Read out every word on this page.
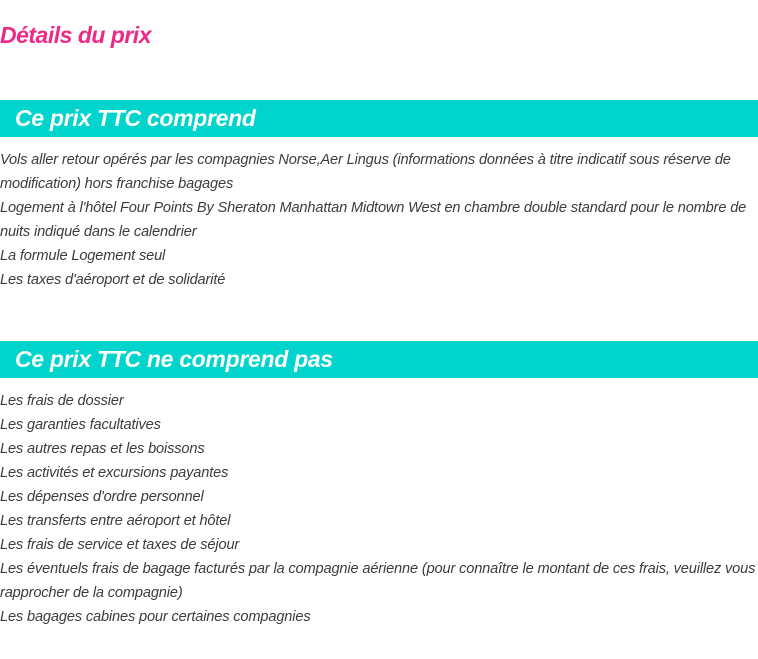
Détails du prix
Ce prix TTC comprend
Vols aller retour opérés par les compagnies Norse,Aer Lingus (informations données à titre indicatif sous réserve de modification) hors franchise bagages
Logement à l'hôtel Four Points By Sheraton Manhattan Midtown West en chambre double standard pour le nombre de nuits indiqué dans le calendrier
La formule Logement seul
Les taxes d'aéroport et de solidarité
Ce prix TTC ne comprend pas
Les frais de dossier
Les garanties facultatives
Les autres repas et les boissons
Les activités et excursions payantes
Les dépenses d'ordre personnel
Les transferts entre aéroport et hôtel
Les frais de service et taxes de séjour
Les éventuels frais de bagage facturés par la compagnie aérienne (pour connaître le montant de ces frais, veuillez vous rapprocher de la compagnie)
Les bagages cabines pour certaines compagnies
